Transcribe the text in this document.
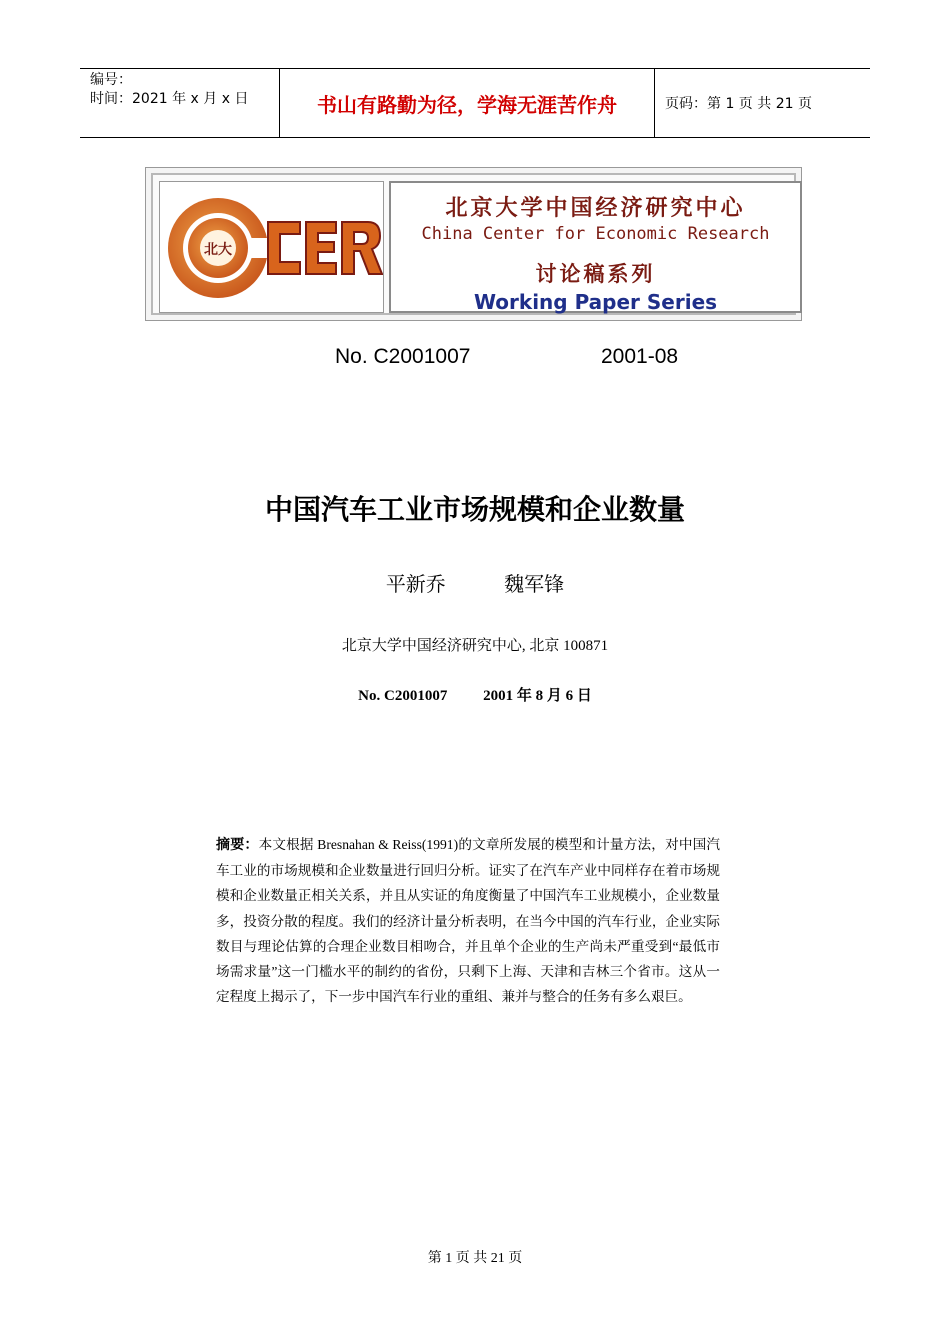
编号：
时间：2021 年 x 月 x 日	书山有路勤为径，学海无涯苦作舟	页码：第 1 页 共 21 页
北大
北京大学中国经济研究中心
China Center for Economic Research
讨论稿系列
Working Paper Series
No. C2001007	2001-08
中国汽车工业市场规模和企业数量
平新乔	魏军锋
北京大学中国经济研究中心, 北京 100871
No. C2001007 2001 年 8 月 6 日
摘要：本文根据 Bresnahan & Reiss(1991)的文章所发展的模型和计量方法，对中国汽车工业的市场规模和企业数量进行回归分析。证实了在汽车产业中同样存在着市场规模和企业数量正相关关系，并且从实证的角度衡量了中国汽车工业规模小，企业数量多，投资分散的程度。我们的经济计量分析表明，在当今中国的汽车行业，企业实际数目与理论估算的合理企业数目相吻合，并且单个企业的生产尚未严重受到“最低市场需求量”这一门槛水平的制约的省份，只剩下上海、天津和吉林三个省市。这从一定程度上揭示了，下一步中国汽车行业的重组、兼并与整合的任务有多么艰巨。
第 1 页 共 21 页
